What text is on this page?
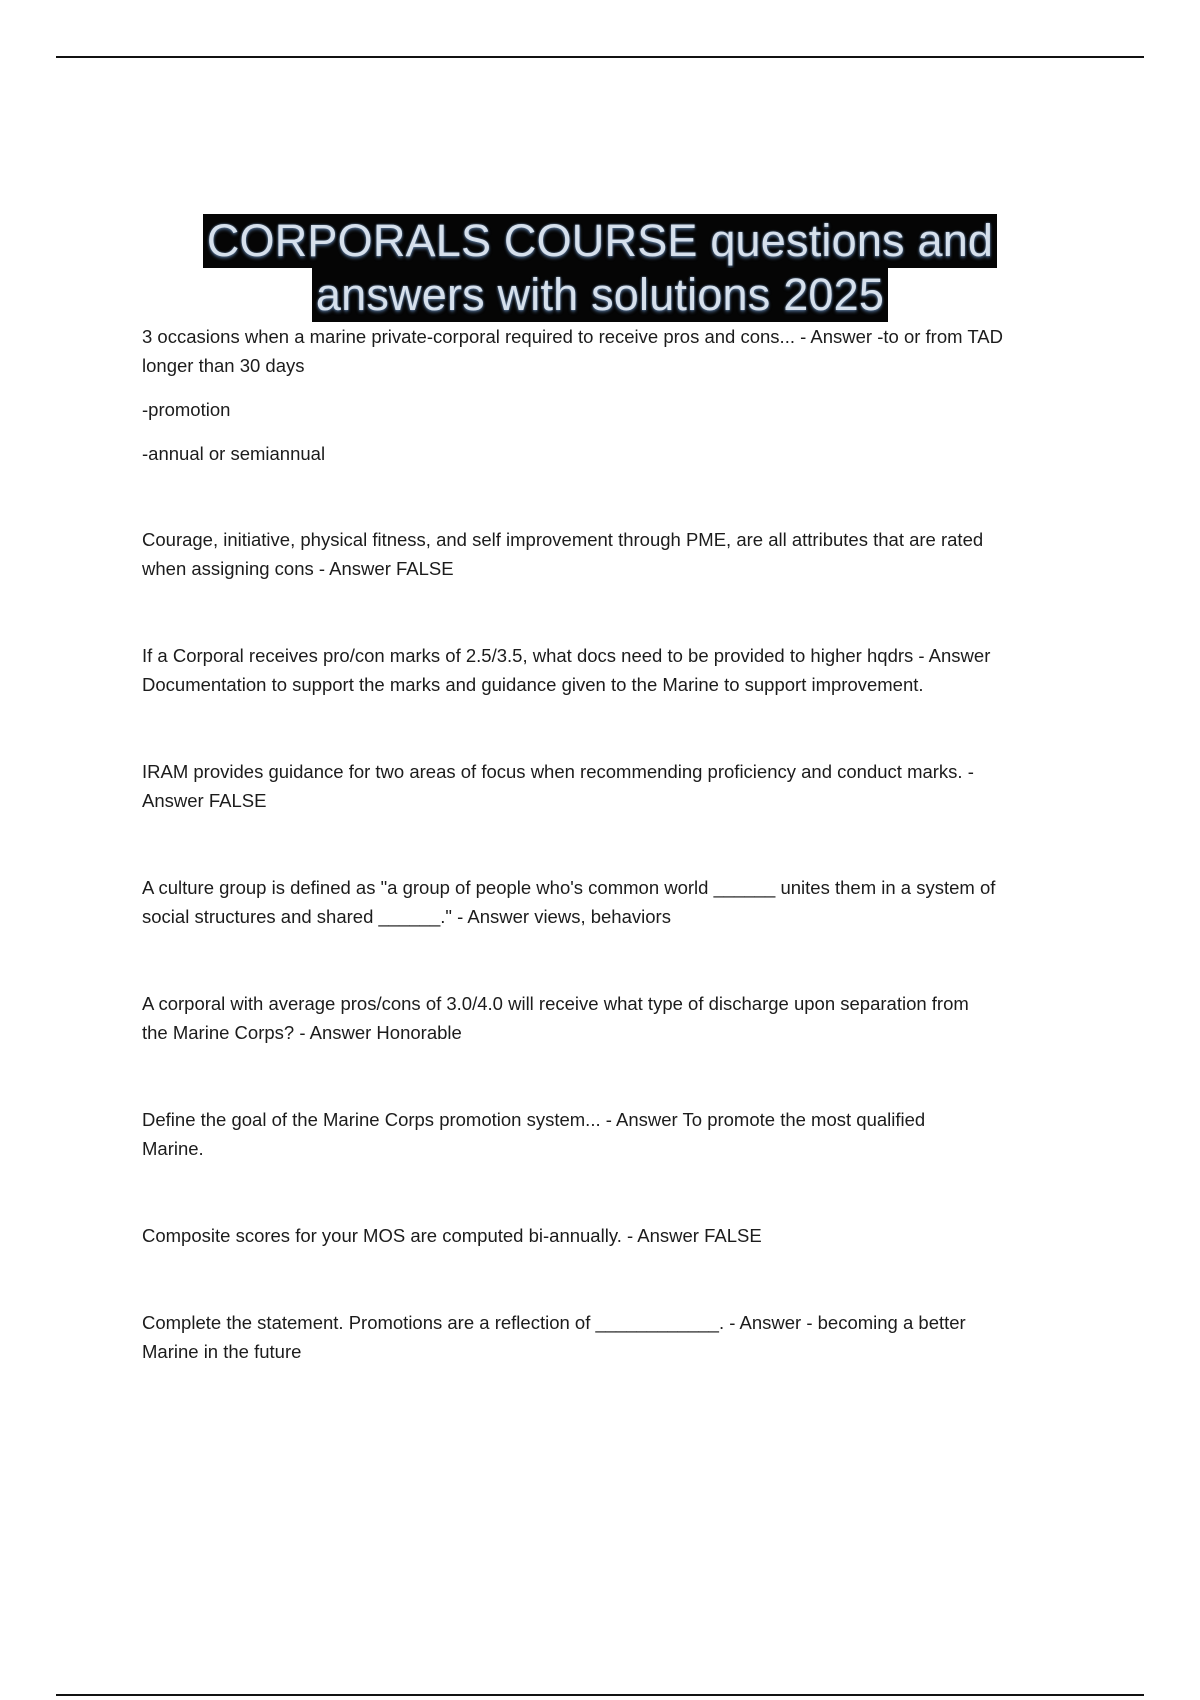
CORPORALS COURSE questions and
answers with solutions 2025
3 occasions when a marine private-corporal required to receive pros and cons... - Answer -to or from TAD
longer than 30 days
-promotion
-annual or semiannual
Courage, initiative, physical fitness, and self improvement through PME, are all attributes that are rated
when assigning cons - Answer FALSE
If a Corporal receives pro/con marks of 2.5/3.5, what docs need to be provided to higher hqdrs - Answer
Documentation to support the marks and guidance given to the Marine to support improvement.
IRAM provides guidance for two areas of focus when recommending proficiency and conduct marks. -
Answer FALSE
A culture group is defined as "a group of people who's common world ______ unites them in a system of
social structures and shared ______." - Answer views, behaviors
A corporal with average pros/cons of 3.0/4.0 will receive what type of discharge upon separation from
the Marine Corps? - Answer Honorable
Define the goal of the Marine Corps promotion system... - Answer To promote the most qualified
Marine.
Composite scores for your MOS are computed bi-annually. - Answer FALSE
Complete the statement. Promotions are a reflection of ____________. - Answer - becoming a better
Marine in the future
